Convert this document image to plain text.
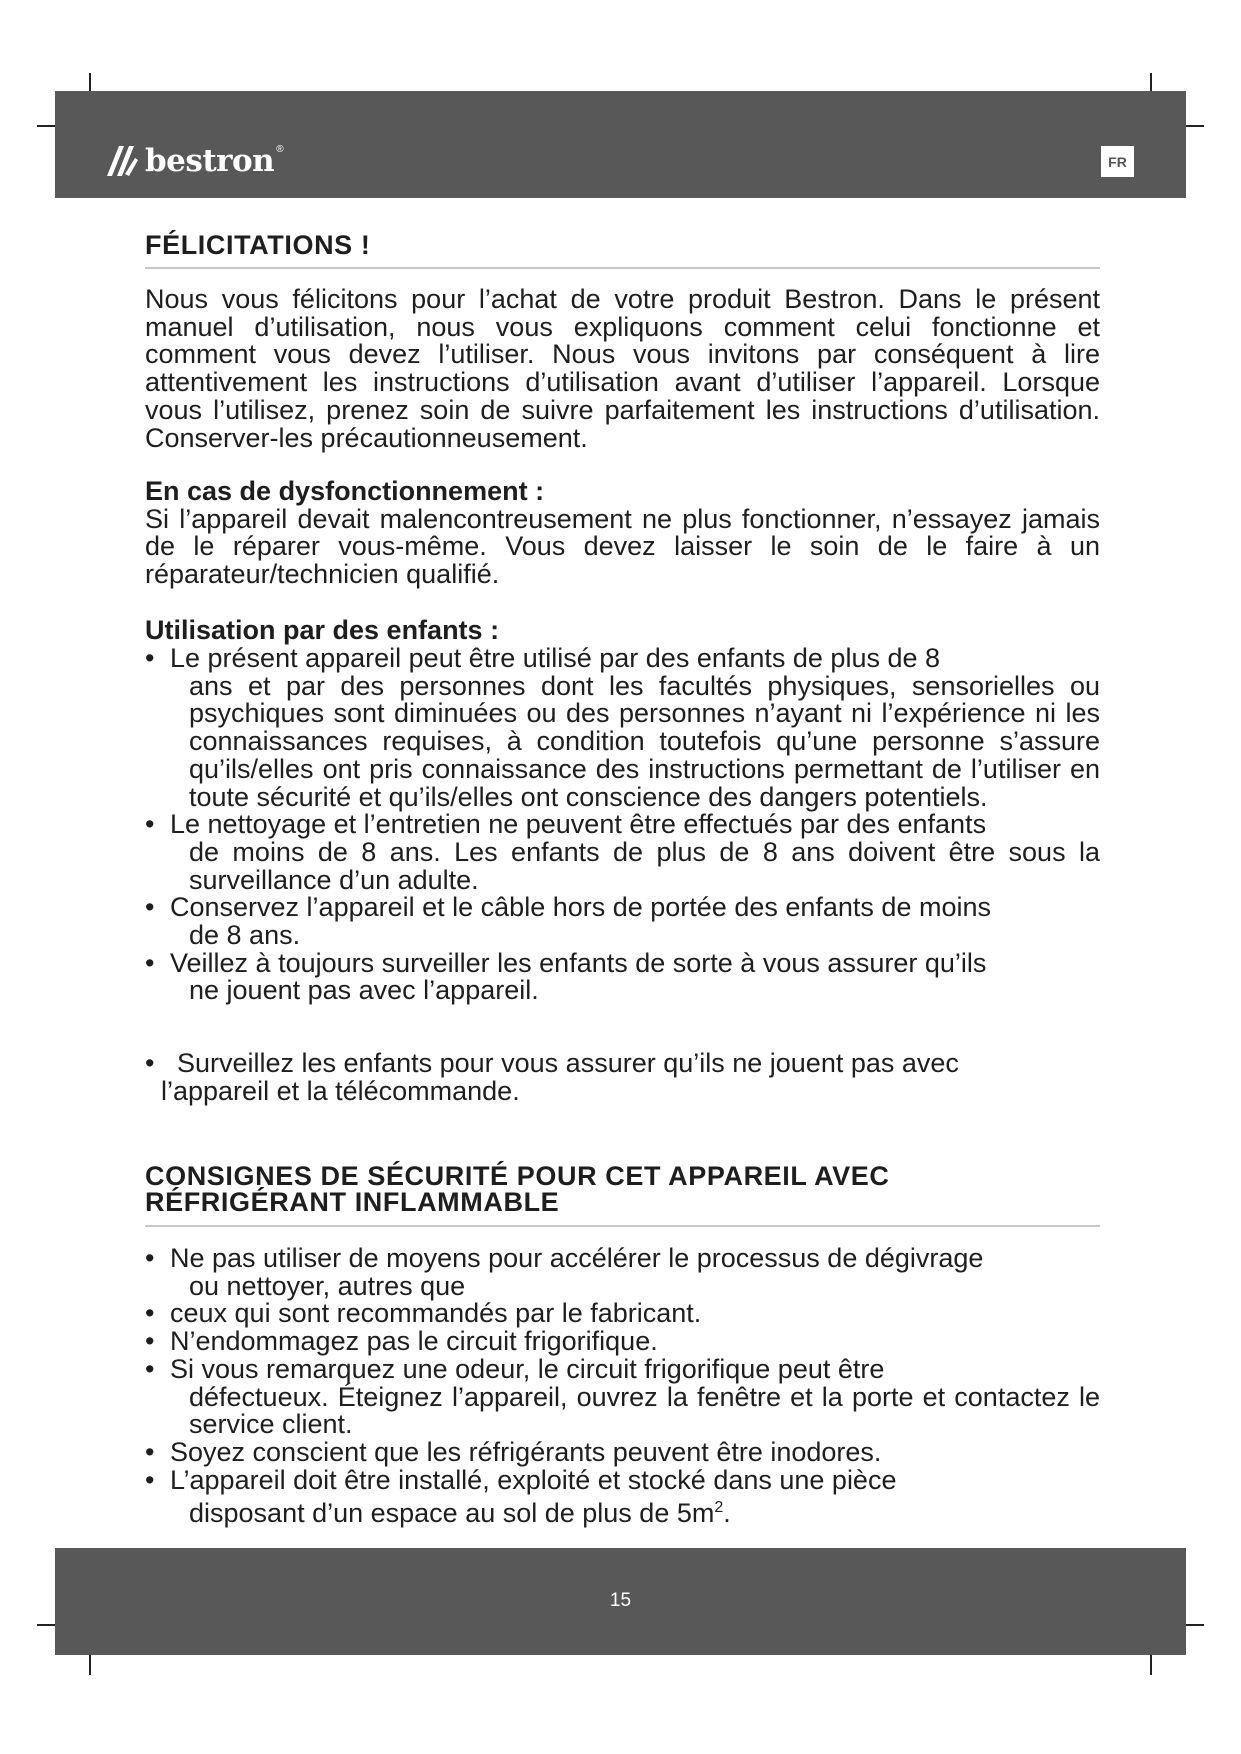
bestron ®
FR
FÉLICITATIONS !

Nous vous félicitons pour l’achat de votre produit Bestron. Dans le présent manuel d’utilisation, nous vous expliquons comment celui fonctionne et comment vous devez l’utiliser. Nous vous invitons par conséquent à lire attentivement les instructions d’utilisation avant d’utiliser l’appareil. Lorsque vous l’utilisez, prenez soin de suivre parfaitement les instructions d’utilisation. Conserver-les précautionneusement.

En cas de dysfonctionnement :
Si l’appareil devait malencontreusement ne plus fonctionner, n’essayez jamais de le réparer vous-même. Vous devez laisser le soin de le faire à un réparateur/technicien qualifié.
Utilisation par des enfants :
• Le présent appareil peut être utilisé par des enfants de plus de 8
ans et par des personnes dont les facultés physiques, sensorielles ou psychiques sont diminuées ou des personnes n’ayant ni l’expérience ni les connaissances requises, à condition toutefois qu’une personne s’assure qu’ils/elles ont pris connaissance des instructions permettant de l’utiliser en toute sécurité et qu’ils/elles ont conscience des dangers potentiels.
• Le nettoyage et l’entretien ne peuvent être effectués par des enfants
de moins de 8 ans. Les enfants de plus de 8 ans doivent être sous la surveillance d’un adulte.
• Conservez l’appareil et le câble hors de portée des enfants de moins
de 8 ans.
• Veillez à toujours surveiller les enfants de sorte à vous assurer qu’ils
ne jouent pas avec l’appareil.
•   Surveillez les enfants pour vous assurer qu’ils ne jouent pas avec
l’appareil et la télécommande.
CONSIGNES DE SÉCURITÉ POUR CET APPAREIL AVEC
RÉFRIGÉRANT INFLAMMABLE
• Ne pas utiliser de moyens pour accélérer le processus de dégivrage
ou nettoyer, autres que
• ceux qui sont recommandés par le fabricant.
• N’endommagez pas le circuit frigorifique.
• Si vous remarquez une odeur, le circuit frigorifique peut être
défectueux. Éteignez l’appareil, ouvrez la fenêtre et la porte et contactez le service client.
• Soyez conscient que les réfrigérants peuvent être inodores.
• L’appareil doit être installé, exploité et stocké dans une pièce
disposant d’un espace au sol de plus de $5m^2$.
15
